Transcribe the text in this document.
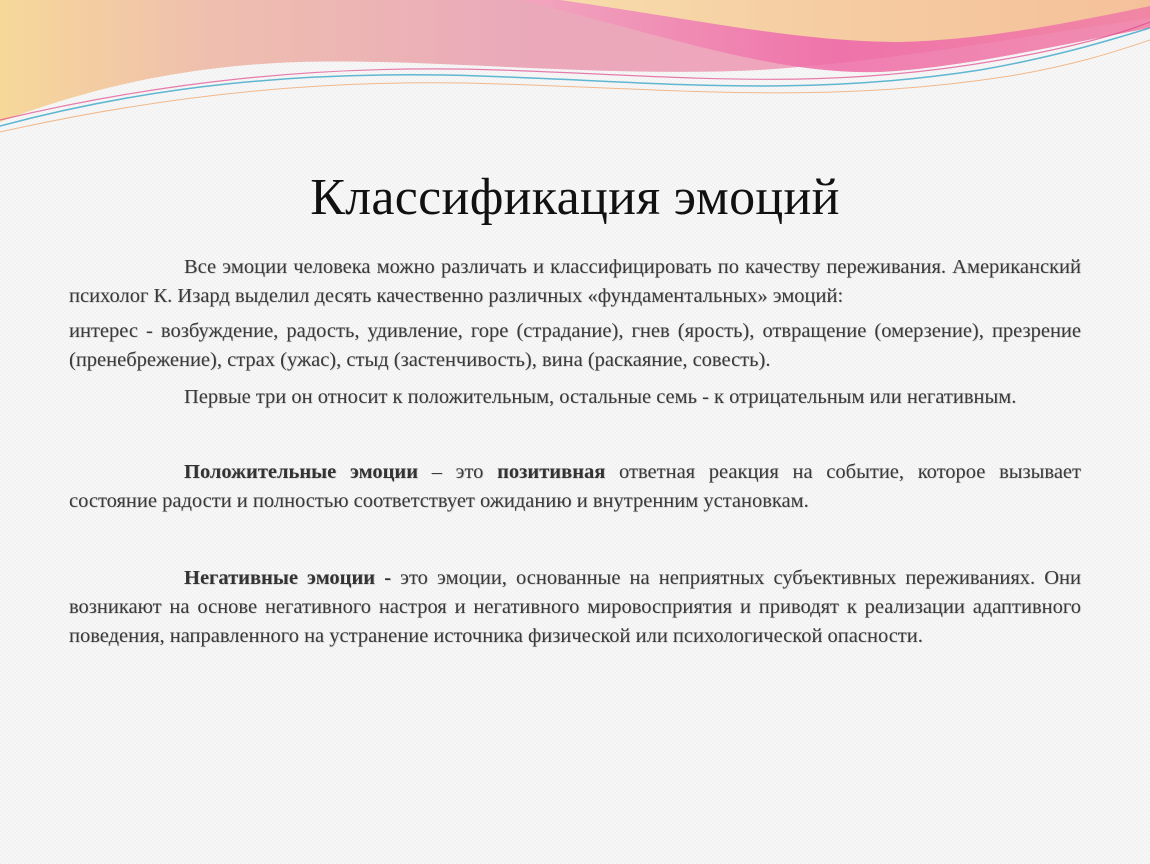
Классификация эмоций

Все эмоции человека можно различать и классифицировать по качеству переживания. Американский психолог К. Изард выделил десять качественно различных «фундаментальных» эмоций:

интерес - возбуждение, радость, удивление, горе (страдание), гнев (ярость), отвращение (омерзение), презрение (пренебрежение), страх (ужас), стыд (застенчивость), вина (раскаяние, совесть).

Первые три он относит к положительным, остальные семь - к отрицательным или негативным.

Положительные эмоции – это позитивная ответная реакция на событие, которое вызывает состояние радости и полностью соответствует ожиданию и внутренним установкам.

Негативные эмоции - это эмоции, основанные на неприятных субъективных переживаниях. Они возникают на основе негативного настроя и негативного мировосприятия и приводят к реализации адаптивного поведения, направленного на устранение источника физической или психологической опасности.
